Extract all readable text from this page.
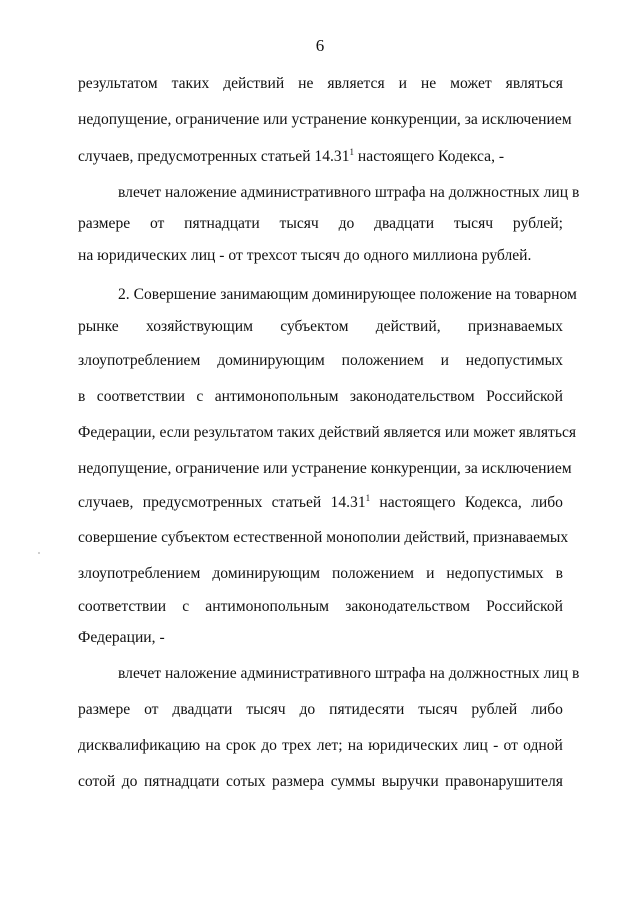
6
результатом таких действий не является и не может являться
недопущение, ограничение или устранение конкуренции, за исключением
случаев, предусмотренных статьей 14.31$^1$ настоящего Кодекса, -
влечет наложение административного штрафа на должностных лиц в
размере от пятнадцати тысяч до двадцати тысяч рублей;
на юридических лиц - от трехсот тысяч до одного миллиона рублей.
2. Совершение занимающим доминирующее положение на товарном
рынке хозяйствующим субъектом действий, признаваемых
злоупотреблением доминирующим положением и недопустимых
в соответствии с антимонопольным законодательством Российской
Федерации, если результатом таких действий является или может являться
недопущение, ограничение или устранение конкуренции, за исключением
случаев, предусмотренных статьей 14.31$^1$ настоящего Кодекса, либо
совершение субъектом естественной монополии действий, признаваемых
злоупотреблением доминирующим положением и недопустимых в
соответствии с антимонопольным законодательством Российской
Федерации, -
влечет наложение административного штрафа на должностных лиц в
размере от двадцати тысяч до пятидесяти тысяч рублей либо
дисквалификацию на срок до трех лет; на юридических лиц - от одной
сотой до пятнадцати сотых размера суммы выручки правонарушителя
